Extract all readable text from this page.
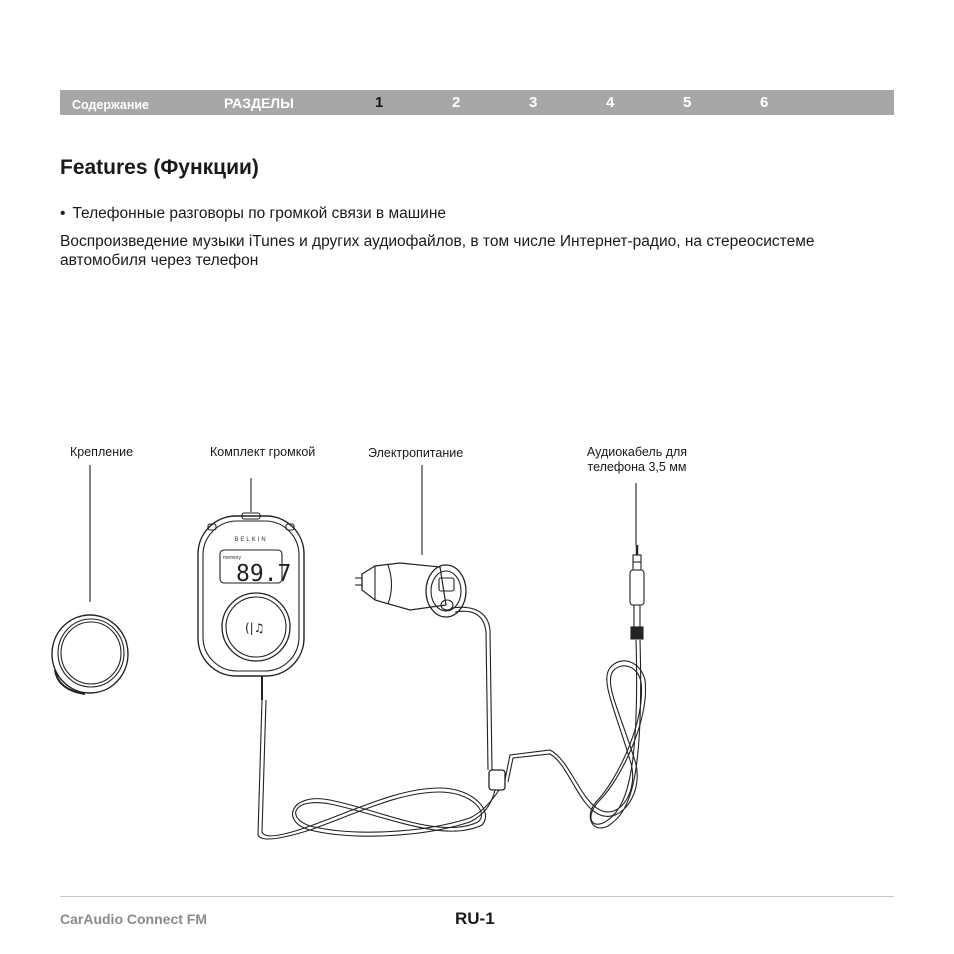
Содержание	РАЗДЕЛЫ	1	2	3	4	5	6
Features (Функции)
• Телефонные разговоры по громкой связи в машине

Воспроизведение музыки iTunes и других аудиофайлов, в том числе Интернет-радио, на стереосистеме автомобиля через телефон

Крепление	Комплект громкой	Электропитание	Аудиокабель для
телефона 3,5 мм
BELKIN
memory
89.7
(|♫
CarAudio Connect FM	RU-1
